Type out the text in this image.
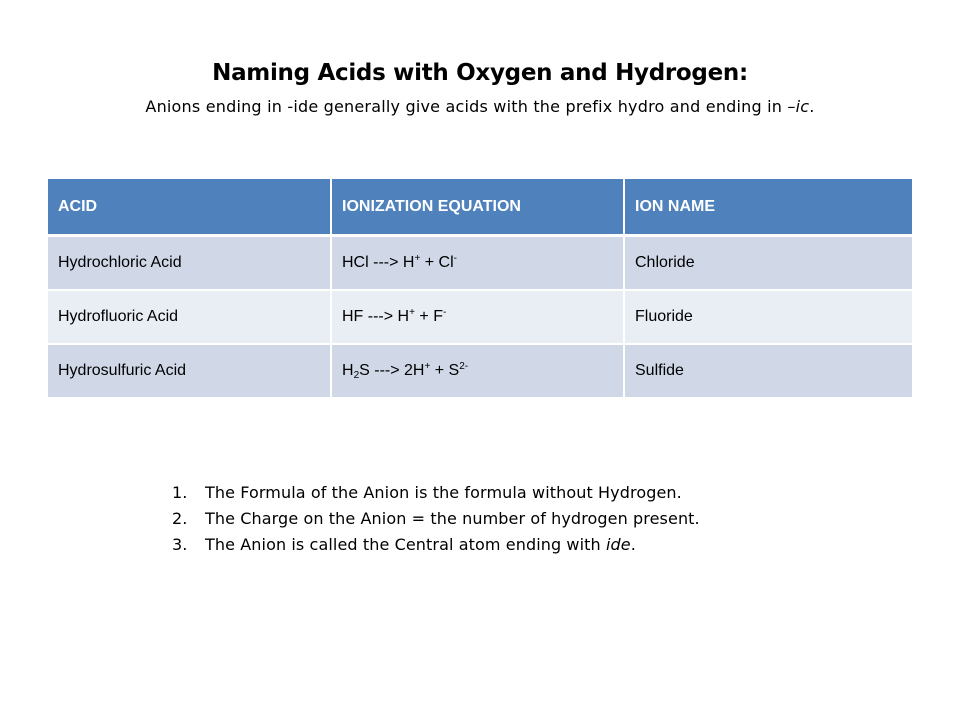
Naming Acids with Oxygen and Hydrogen:
Anions ending in -ide generally give acids with the prefix hydro and ending in –ic.
ACID	IONIZATION EQUATION	ION NAME
Hydrochloric Acid	HCl ---> H+ + Cl-	Chloride
Hydrofluoric Acid	HF ---> H+ + F-	Fluoride
Hydrosulfuric Acid	$H_2S$ ---> $2H^+ + S^{2-}$	Sulfide
1. The Formula of the Anion is the formula without Hydrogen.
2. The Charge on the Anion = the number of hydrogen present.
3. The Anion is called the Central atom ending with ide.
